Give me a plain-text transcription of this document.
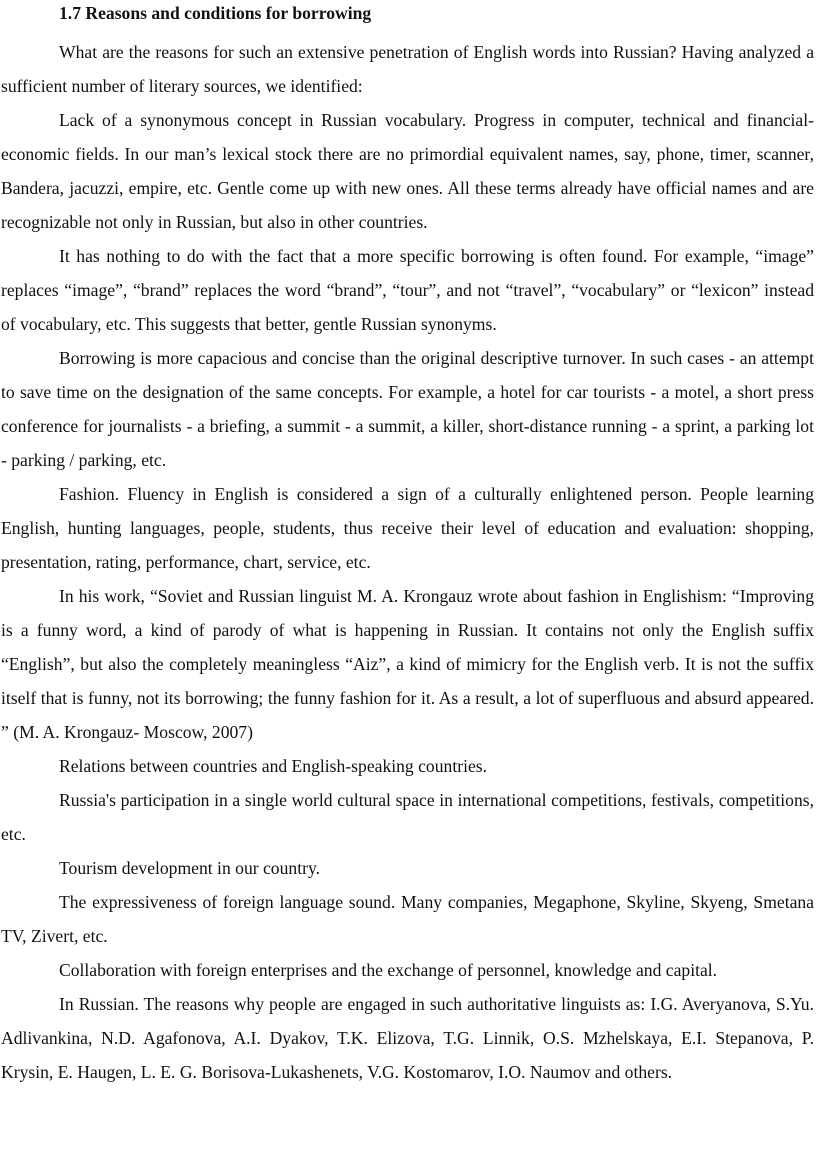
1.7 Reasons and conditions for borrowing

What are the reasons for such an extensive penetration of English words into Russian? Having analyzed a sufficient number of literary sources, we identified:

Lack of a synonymous concept in Russian vocabulary. Progress in computer, technical and financial-economic fields. In our man’s lexical stock there are no primordial equivalent names, say, phone, timer, scanner, Bandera, jacuzzi, empire, etc. Gentle come up with new ones. All these terms already have official names and are recognizable not only in Russian, but also in other countries.

It has nothing to do with the fact that a more specific borrowing is often found. For example, “image” replaces “image”, “brand” replaces the word “brand”, “tour”, and not “travel”, “vocabulary” or “lexicon” instead of vocabulary, etc. This suggests that better, gentle Russian synonyms.

Borrowing is more capacious and concise than the original descriptive turnover. In such cases - an attempt to save time on the designation of the same concepts. For example, a hotel for car tourists - a motel, a short press conference for journalists - a briefing, a summit - a summit, a killer, short-distance running - a sprint, a parking lot - parking / parking, etc.

Fashion. Fluency in English is considered a sign of a culturally enlightened person. People learning English, hunting languages, people, students, thus receive their level of education and evaluation: shopping, presentation, rating, performance, chart, service, etc.

In his work, “Soviet and Russian linguist M. A. Krongauz wrote about fashion in Englishism: “Improving is a funny word, a kind of parody of what is happening in Russian. It contains not only the English suffix “English”, but also the completely meaningless “Aiz”, a kind of mimicry for the English verb. It is not the suffix itself that is funny, not its borrowing; the funny fashion for it. As a result, a lot of superfluous and absurd appeared. ” (M. A. Krongauz- Moscow, 2007)

Relations between countries and English-speaking countries.

Russia's participation in a single world cultural space in international competitions, festivals, competitions, etc.

Tourism development in our country.

The expressiveness of foreign language sound. Many companies, Megaphone, Skyline, Skyeng, Smetana TV, Zivert, etc.

Collaboration with foreign enterprises and the exchange of personnel, knowledge and capital.

In Russian. The reasons why people are engaged in such authoritative linguists as: I.G. Averyanova, S.Yu. Adlivankina, N.D. Agafonova, A.I. Dyakov, T.K. Elizova, T.G. Linnik, O.S. Mzhelskaya, E.I. Stepanova, P. Krysin, E. Haugen, L. E. G. Borisova-Lukashenets, V.G. Kostomarov, I.O. Naumov and others.
